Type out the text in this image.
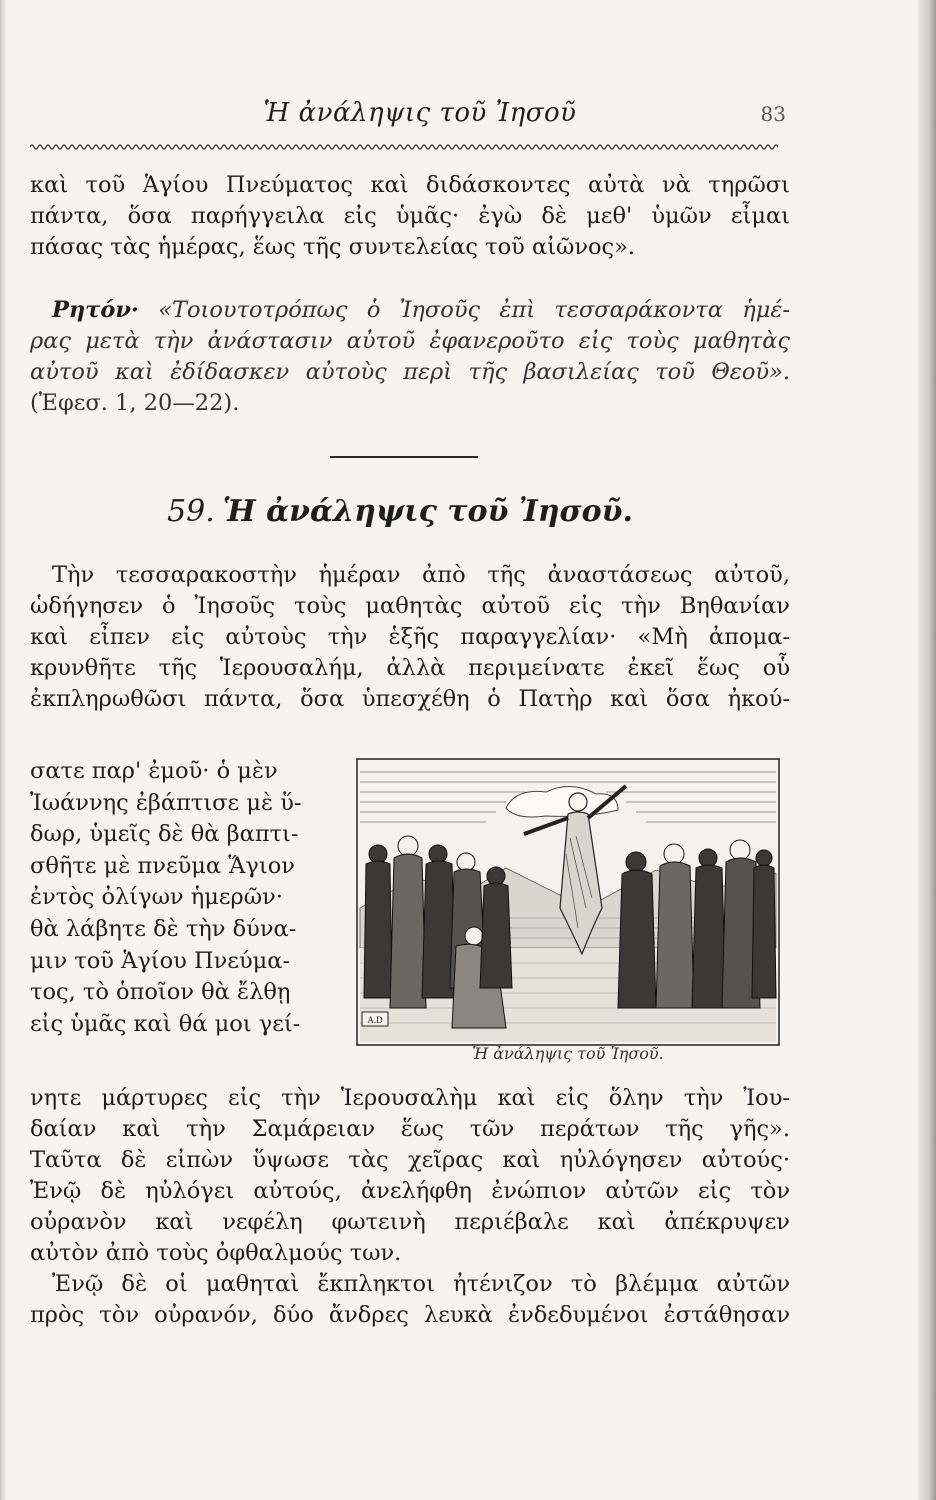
Ἡ ἀνάληψις τοῦ Ἰησοῦ	83
καὶ τοῦ Ἁγίου Πνεύματος καὶ διδάσκοντες αὐτὰ νὰ τηρῶσι
πάντα, ὅσα παρήγγειλα εἰς ὑμᾶς· ἐγὼ δὲ μεθ' ὑμῶν εἶμαι
πάσας τὰς ἡμέρας, ἕως τῆς συντελείας τοῦ αἰῶνος».
Ρητόν· «Τοιουτοτρόπως ὁ Ἰησοῦς ἐπὶ τεσσαράκοντα ἡμέ-
ρας μετὰ τὴν ἀνάστασιν αὐτοῦ ἐφανεροῦτο εἰς τοὺς μαθητὰς
αὐτοῦ καὶ ἐδίδασκεν αὐτοὺς περὶ τῆς βασιλείας τοῦ Θεοῦ».
(Ἐφεσ. 1, 20—22).
59. Ἡ ἀνάληψις τοῦ Ἰησοῦ.
Τὴν τεσσαρακοστὴν ἡμέραν ἀπὸ τῆς ἀναστάσεως αὐτοῦ,
ὡδήγησεν ὁ Ἰησοῦς τοὺς μαθητὰς αὐτοῦ εἰς τὴν Βηθανίαν
καὶ εἶπεν εἰς αὐτοὺς τὴν ἑξῆς παραγγελίαν· «Μὴ ἀπομα-
κρυνθῆτε τῆς Ἱερουσαλήμ, ἀλλὰ περιμείνατε ἐκεῖ ἕως οὗ
ἐκπληρωθῶσι πάντα, ὅσα ὑπεσχέθη ὁ Πατὴρ καὶ ὅσα ἠκού-
σατε παρ' ἐμοῦ· ὁ μὲν
Ἰωάννης ἐβάπτισε μὲ ὕ-
δωρ, ὑμεῖς δὲ θὰ βαπτι-
σθῆτε μὲ πνεῦμα Ἅγιον
ἐντὸς ὀλίγων ἡμερῶν·
θὰ λάβητε δὲ τὴν δύνα-
μιν τοῦ Ἁγίου Πνεύμα-
τος, τὸ ὁποῖον θὰ ἔλθῃ
εἰς ὑμᾶς καὶ θά μοι γεί-	A.D
Ἡ ἀνάληψις τοῦ Ἰησοῦ.
νητε μάρτυρες εἰς τὴν Ἱερουσαλὴμ καὶ εἰς ὅλην τὴν Ἰου-
δαίαν καὶ τὴν Σαμάρειαν ἕως τῶν περάτων τῆς γῆς».
Ταῦτα δὲ εἰπὼν ὕψωσε τὰς χεῖρας καὶ ηὐλόγησεν αὐτούς·
Ἐνῷ δὲ ηὐλόγει αὐτούς, ἀνελήφθη ἐνώπιον αὐτῶν εἰς τὸν
οὐρανὸν καὶ νεφέλη φωτεινὴ περιέβαλε καὶ ἀπέκρυψεν
αὐτὸν ἀπὸ τοὺς ὀφθαλμούς των.
Ἐνῷ δὲ οἱ μαθηταὶ ἔκπληκτοι ἠτένιζον τὸ βλέμμα αὐτῶν
πρὸς τὸν οὐρανόν, δύο ἄνδρες λευκὰ ἐνδεδυμένοι ἐστάθησαν
